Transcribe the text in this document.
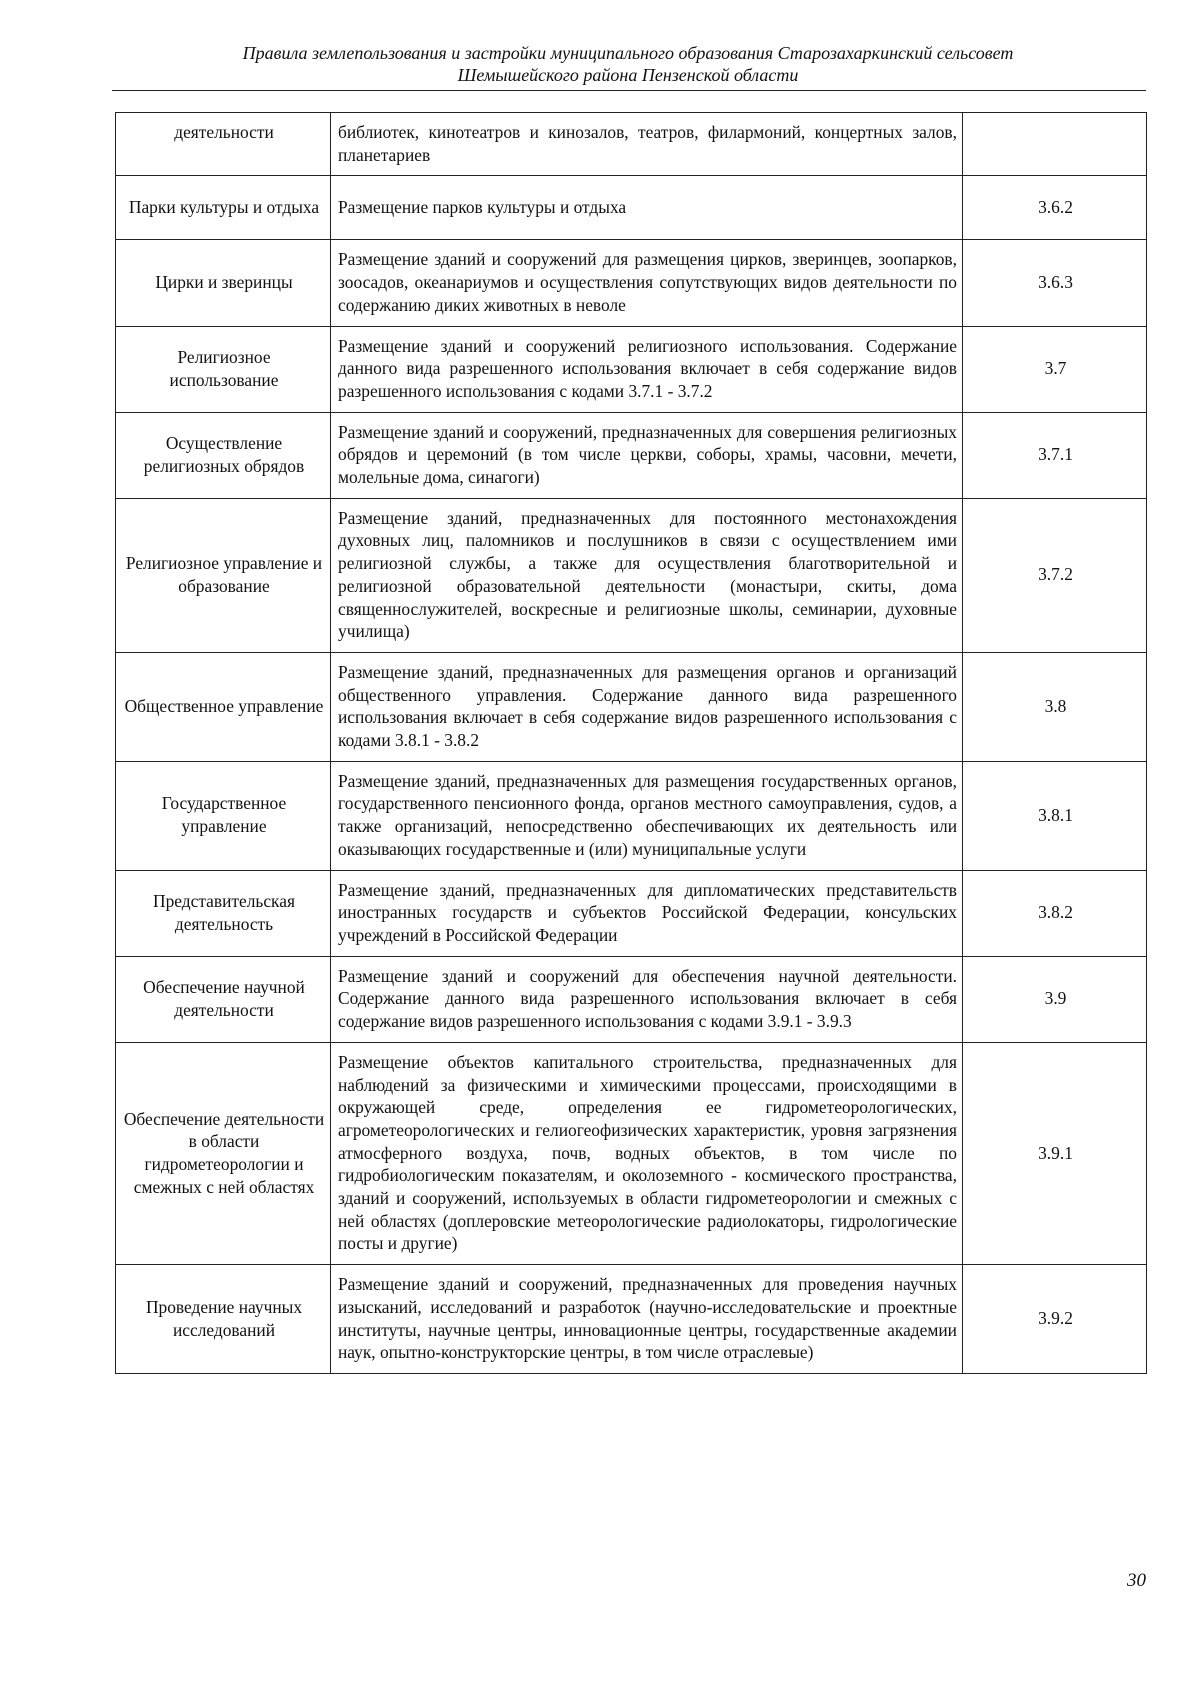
Правила землепользования и застройки муниципального образования Старозахаркинский сельсовет
Шемышейского района Пензенской области
деятельности	библиотек, кинотеатров и кинозалов, театров, филармоний, концертных залов, планетариев	
Парки культуры и отдыха	Размещение парков культуры и отдыха	3.6.2
Цирки и зверинцы	Размещение зданий и сооружений для размещения цирков, зверинцев, зоопарков, зоосадов, океанариумов и осуществления сопутствующих видов деятельности по содержанию диких животных в неволе	3.6.3
Религиозное использование	Размещение зданий и сооружений религиозного использования. Содержание данного вида разрешенного использования включает в себя содержание видов разрешенного использования с кодами 3.7.1 - 3.7.2	3.7
Осуществление религиозных обрядов	Размещение зданий и сооружений, предназначенных для совершения религиозных обрядов и церемоний (в том числе церкви, соборы, храмы, часовни, мечети, молельные дома, синагоги)	3.7.1
Религиозное управление и образование	Размещение зданий, предназначенных для постоянного местонахождения духовных лиц, паломников и послушников в связи с осуществлением ими религиозной службы, а также для осуществления благотворительной и религиозной образовательной деятельности (монастыри, скиты, дома священнослужителей, воскресные и религиозные школы, семинарии, духовные училища)	3.7.2
Общественное управление	Размещение зданий, предназначенных для размещения органов и организаций общественного управления. Содержание данного вида разрешенного использования включает в себя содержание видов разрешенного использования с кодами 3.8.1 - 3.8.2	3.8
Государственное управление	Размещение зданий, предназначенных для размещения государственных органов, государственного пенсионного фонда, органов местного самоуправления, судов, а также организаций, непосредственно обеспечивающих их деятельность или оказывающих государственные и (или) муниципальные услуги	3.8.1
Представительская деятельность	Размещение зданий, предназначенных для дипломатических представительств иностранных государств и субъектов Российской Федерации, консульских учреждений в Российской Федерации	3.8.2
Обеспечение научной деятельности	Размещение зданий и сооружений для обеспечения научной деятельности. Содержание данного вида разрешенного использования включает в себя содержание видов разрешенного использования с кодами 3.9.1 - 3.9.3	3.9
Обеспечение деятельности в области гидрометеорологии и смежных с ней областях	Размещение объектов капитального строительства, предназначенных для наблюдений за физическими и химическими процессами, происходящими в окружающей среде, определения ее гидрометеорологических, агрометеорологических и гелиогеофизических характеристик, уровня загрязнения атмосферного воздуха, почв, водных объектов, в том числе по гидробиологическим показателям, и околоземного - космического пространства, зданий и сооружений, используемых в области гидрометеорологии и смежных с ней областях (доплеровские метеорологические радиолокаторы, гидрологические посты и другие)	3.9.1
Проведение научных исследований	Размещение зданий и сооружений, предназначенных для проведения научных изысканий, исследований и разработок (научно-исследовательские и проектные институты, научные центры, инновационные центры, государственные академии наук, опытно-конструкторские центры, в том числе отраслевые)	3.9.2
30
